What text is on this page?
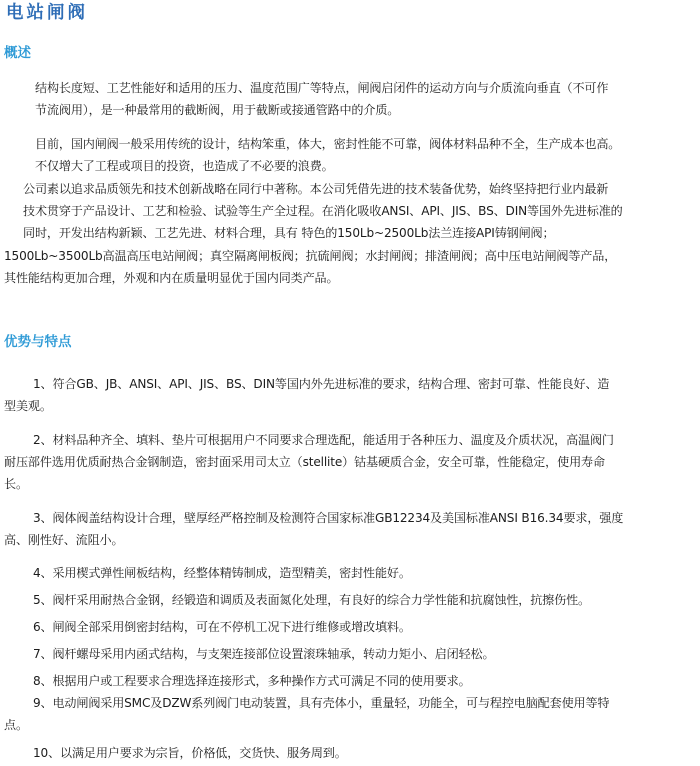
电站闸阀
概述
结构长度短、工艺性能好和适用的压力、温度范围广等特点，闸阀启闭件的运动方向与介质流向垂直（不可作
节流阀用），是一种最常用的截断阀，用于截断或接通管路中的介质。
目前，国内闸阀一般采用传统的设计，结构笨重，体大，密封性能不可靠，阀体材料品种不全，生产成本也高。
不仅增大了工程或项目的投资，也造成了不必要的浪费。
公司素以追求品质领先和技术创新战略在同行中著称。本公司凭借先进的技术装备优势，始终坚持把行业内最新
技术贯穿于产品设计、工艺和检验、试验等生产全过程。在消化吸收ANSI、API、JIS、BS、DIN等国外先进标准的
同时，开发出结构新颖、工艺先进、材料合理，具有 特色的150Lb~2500Lb法兰连接API铸钢闸阀；
1500Lb~3500Lb高温高压电站闸阀；真空隔离闸板阀；抗硫闸阀；水封闸阀；排渣闸阀；高中压电站闸阀等产品，
其性能结构更加合理，外观和内在质量明显优于国内同类产品。
优势与特点
1、符合GB、JB、ANSI、API、JIS、BS、DIN等国内外先进标准的要求，结构合理、密封可靠、性能良好、造
型美观。
2、材料品种齐全、填料、垫片可根据用户不同要求合理选配，能适用于各种压力、温度及介质状况，高温阀门
耐压部件选用优质耐热合金钢制造，密封面采用司太立（stellite）钴基硬质合金，安全可靠，性能稳定，使用寿命
长。
3、阀体阀盖结构设计合理，壁厚经严格控制及检测符合国家标准GB12234及美国标准ANSI B16.34要求，强度
高、刚性好、流阻小。
4、采用楔式弹性闸板结构，经整体精铸制成，造型精美，密封性能好。
5、阀杆采用耐热合金钢，经锻造和调质及表面氮化处理，有良好的综合力学性能和抗腐蚀性，抗擦伤性。
6、闸阀全部采用倒密封结构，可在不停机工况下进行维修或增改填料。
7、阀杆螺母采用内函式结构，与支架连接部位设置滚珠轴承，转动力矩小、启闭轻松。
8、根据用户或工程要求合理选择连接形式，多种操作方式可满足不同的使用要求。
9、电动闸阀采用SMC及DZW系列阀门电动装置，具有壳体小，重量轻，功能全，可与程控电脑配套使用等特
点。
10、以满足用户要求为宗旨，价格低，交货快、服务周到。
